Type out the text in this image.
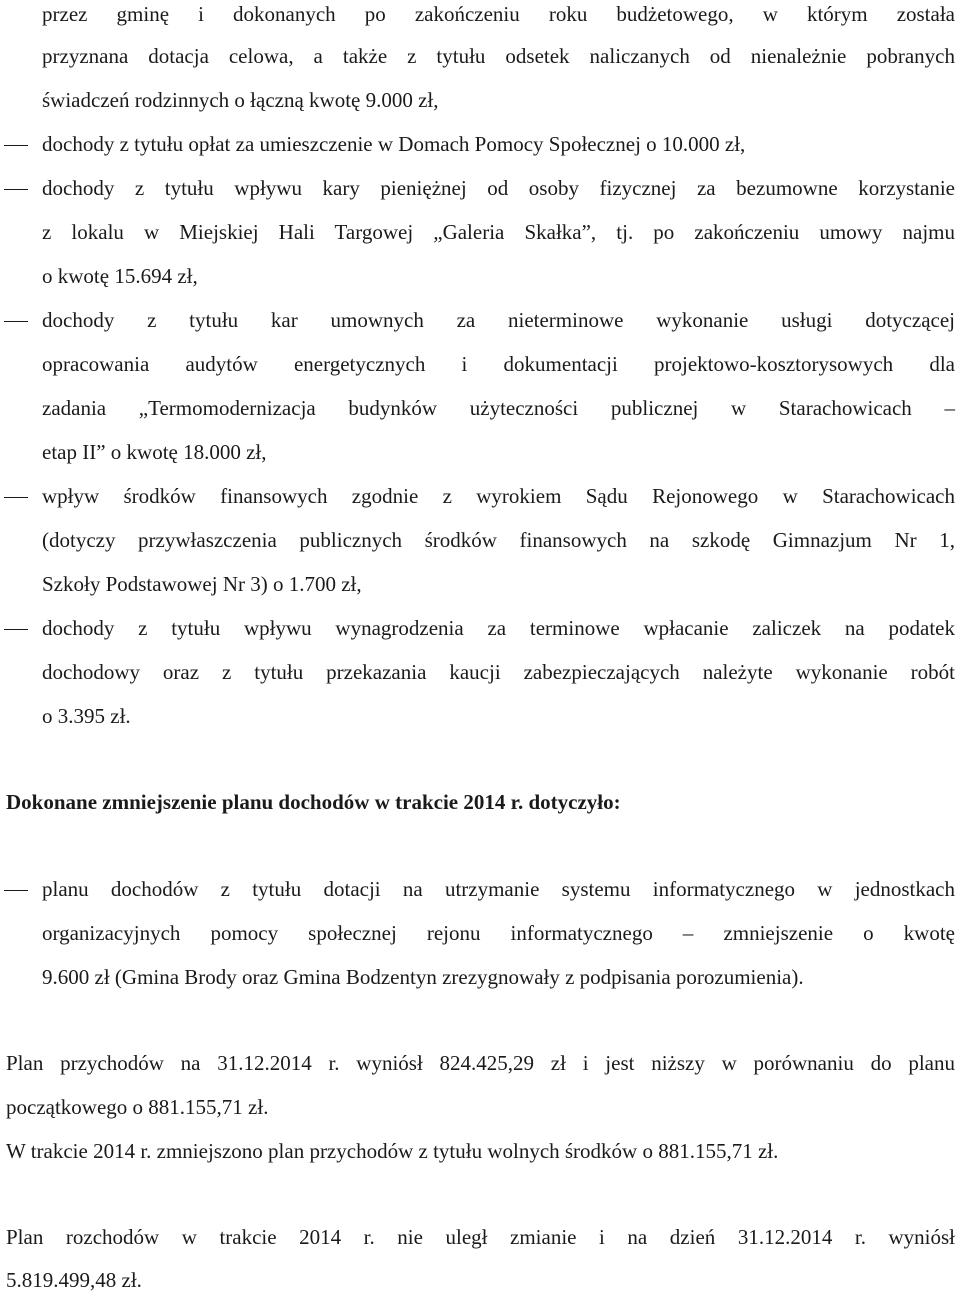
przez gminę i dokonanych po zakończeniu roku budżetowego, w którym została
przyznana dotacja celowa, a także z tytułu odsetek naliczanych od nienależnie pobranych
świadczeń rodzinnych o łączną kwotę 9.000 zł,
dochody z tytułu opłat za umieszczenie w Domach Pomocy Społecznej o 10.000 zł,
dochody z tytułu wpływu kary pieniężnej od osoby fizycznej za bezumowne korzystanie
z lokalu w Miejskiej Hali Targowej „Galeria Skałka”, tj. po zakończeniu umowy najmu
o kwotę 15.694 zł,
dochody z tytułu kar umownych za nieterminowe wykonanie usługi dotyczącej
opracowania audytów energetycznych i dokumentacji projektowo-kosztorysowych dla
zadania „Termomodernizacja budynków użyteczności publicznej w Starachowicach –
etap II” o kwotę 18.000 zł,
wpływ środków finansowych zgodnie z wyrokiem Sądu Rejonowego w Starachowicach
(dotyczy przywłaszczenia publicznych środków finansowych na szkodę Gimnazjum Nr 1,
Szkoły Podstawowej Nr 3) o 1.700 zł,
dochody z tytułu wpływu wynagrodzenia za terminowe wpłacanie zaliczek na podatek
dochodowy oraz z tytułu przekazania kaucji zabezpieczających należyte wykonanie robót
o 3.395 zł.
Dokonane zmniejszenie planu dochodów w trakcie 2014 r. dotyczyło:
planu dochodów z tytułu dotacji na utrzymanie systemu informatycznego w jednostkach
organizacyjnych pomocy społecznej rejonu informatycznego – zmniejszenie o kwotę
9.600 zł (Gmina Brody oraz Gmina Bodzentyn zrezygnowały z podpisania porozumienia).
Plan przychodów na 31.12.2014 r. wyniósł 824.425,29 zł i jest niższy w porównaniu do planu
początkowego o 881.155,71 zł.
W trakcie 2014 r. zmniejszono plan przychodów z tytułu wolnych środków o 881.155,71 zł.
Plan rozchodów w trakcie 2014 r. nie uległ zmianie i na dzień 31.12.2014 r. wyniósł
5.819.499,48 zł.
